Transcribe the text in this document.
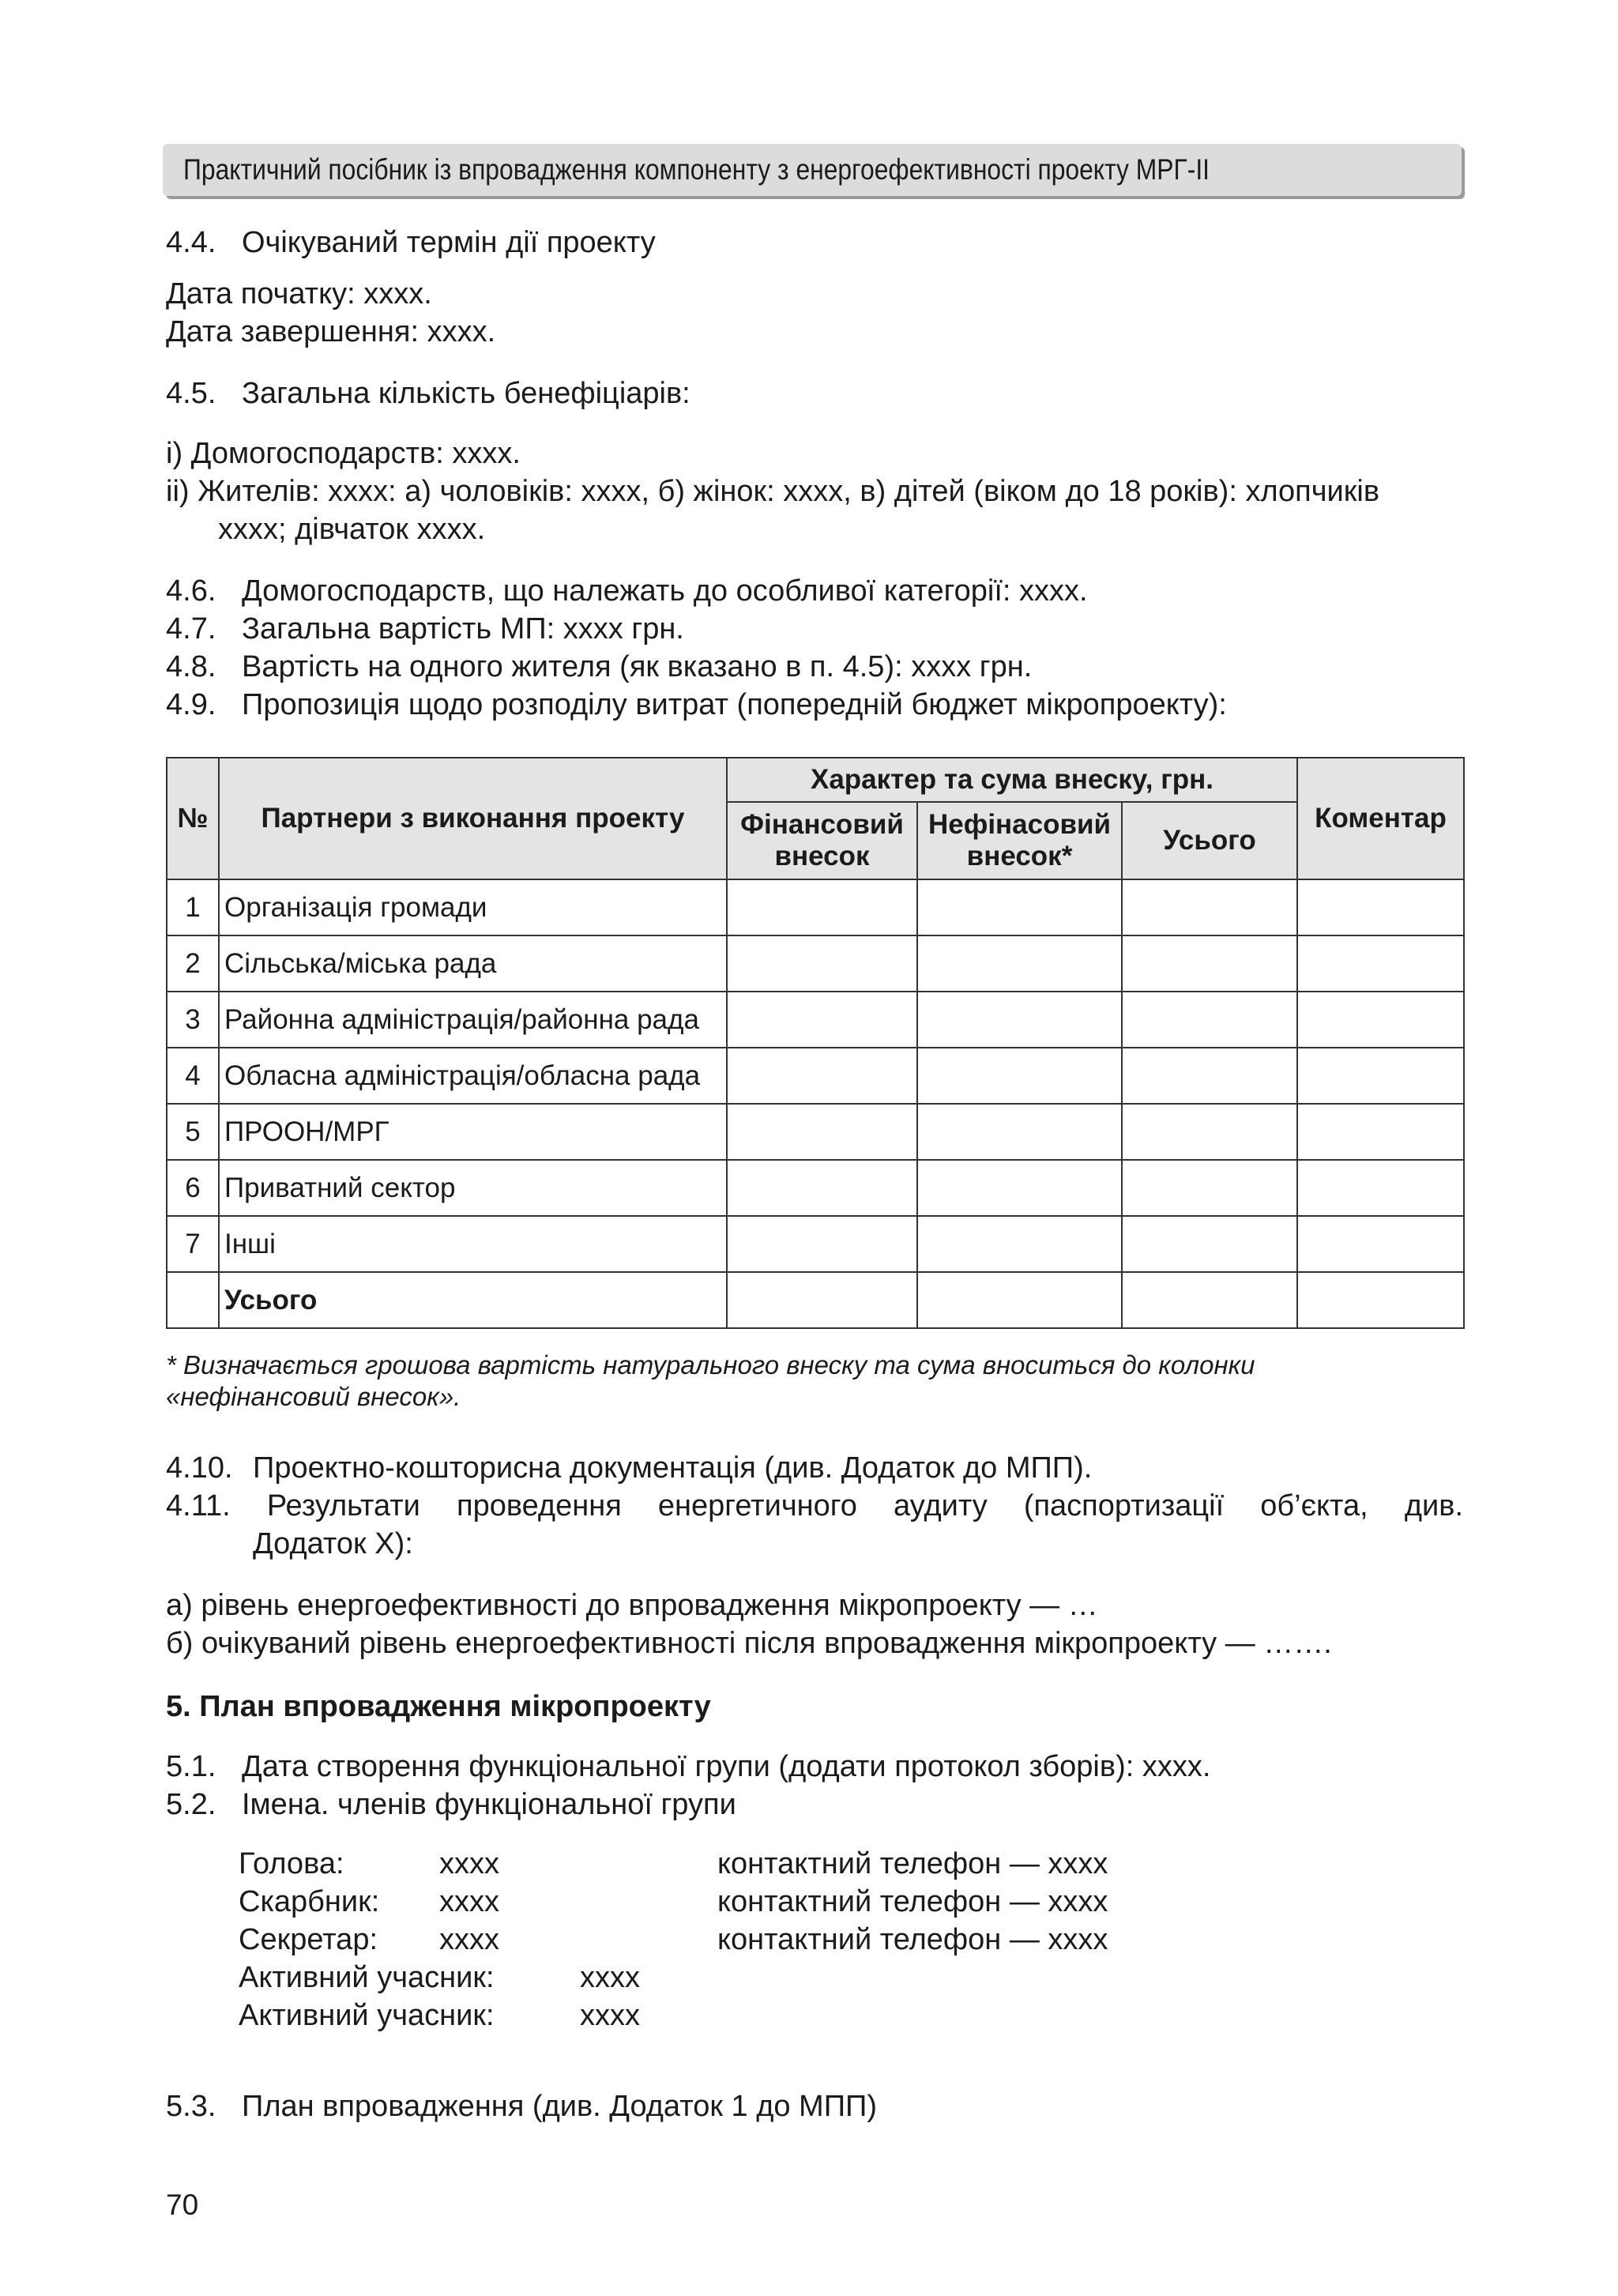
Практичний посібник із впровадження компоненту з енергоефективності проекту МРГ-ІІ
4.4. Очікуваний термін дії проекту
Дата початку: хххх.
Дата завершення: хххх.
4.5. Загальна кількість бенефіціарів:
i) Домогосподарств: хххх.
ii) Жителів: хххх: а) чоловіків: хххх, б) жінок: хххх, в) дітей (віком до 18 років): хлопчиків
хххх; дівчаток хххх.
4.6. Домогосподарств, що належать до особливої категорії: хххх.
4.7. Загальна вартість МП: хххх грн.
4.8. Вартість на одного жителя (як вказано в п. 4.5): хххх грн.
4.9. Пропозиція щодо розподілу витрат (попередній бюджет мікропроекту):
№	Партнери з виконання проекту	Характер та сума внеску, грн.			Коментар
		Фінансовий внесок	Нефінасовий внесок*	Усього	
1	Організація громади				
2	Сільська/міська рада				
3	Районна адміністрація/районна рада				
4	Обласна адміністрація/обласна рада				
5	ПРООН/МРГ				
6	Приватний сектор				
7	Інші				
	Усього				
* Визначається грошова вартість натурального внеску та сума вноситься до колонки
«нефінансовий внесок».
4.10. Проектно-кошторисна документація (див. Додаток до МПП).
4.11. Результати проведення енергетичного аудиту (паспортизації об’єкта, див.
Додаток Х):
а) рівень енергоефективності до впровадження мікропроекту — …
б) очікуваний рівень енергоефективності після впровадження мікропроекту — …….
5. План впровадження мікропроекту
5.1. Дата створення функціональної групи (додати протокол зборів): хххх.
5.2. Імена. членів функціональної групи
Голова:	хххх	контактний телефон — хххх
Скарбник: хххх	контактний телефон — хххх
Секретар: хххх	контактний телефон — хххх
Активний учасник:	хххх
Активний учасник:	хххх
5.3. План впровадження (див. Додаток 1 до МПП)
70
